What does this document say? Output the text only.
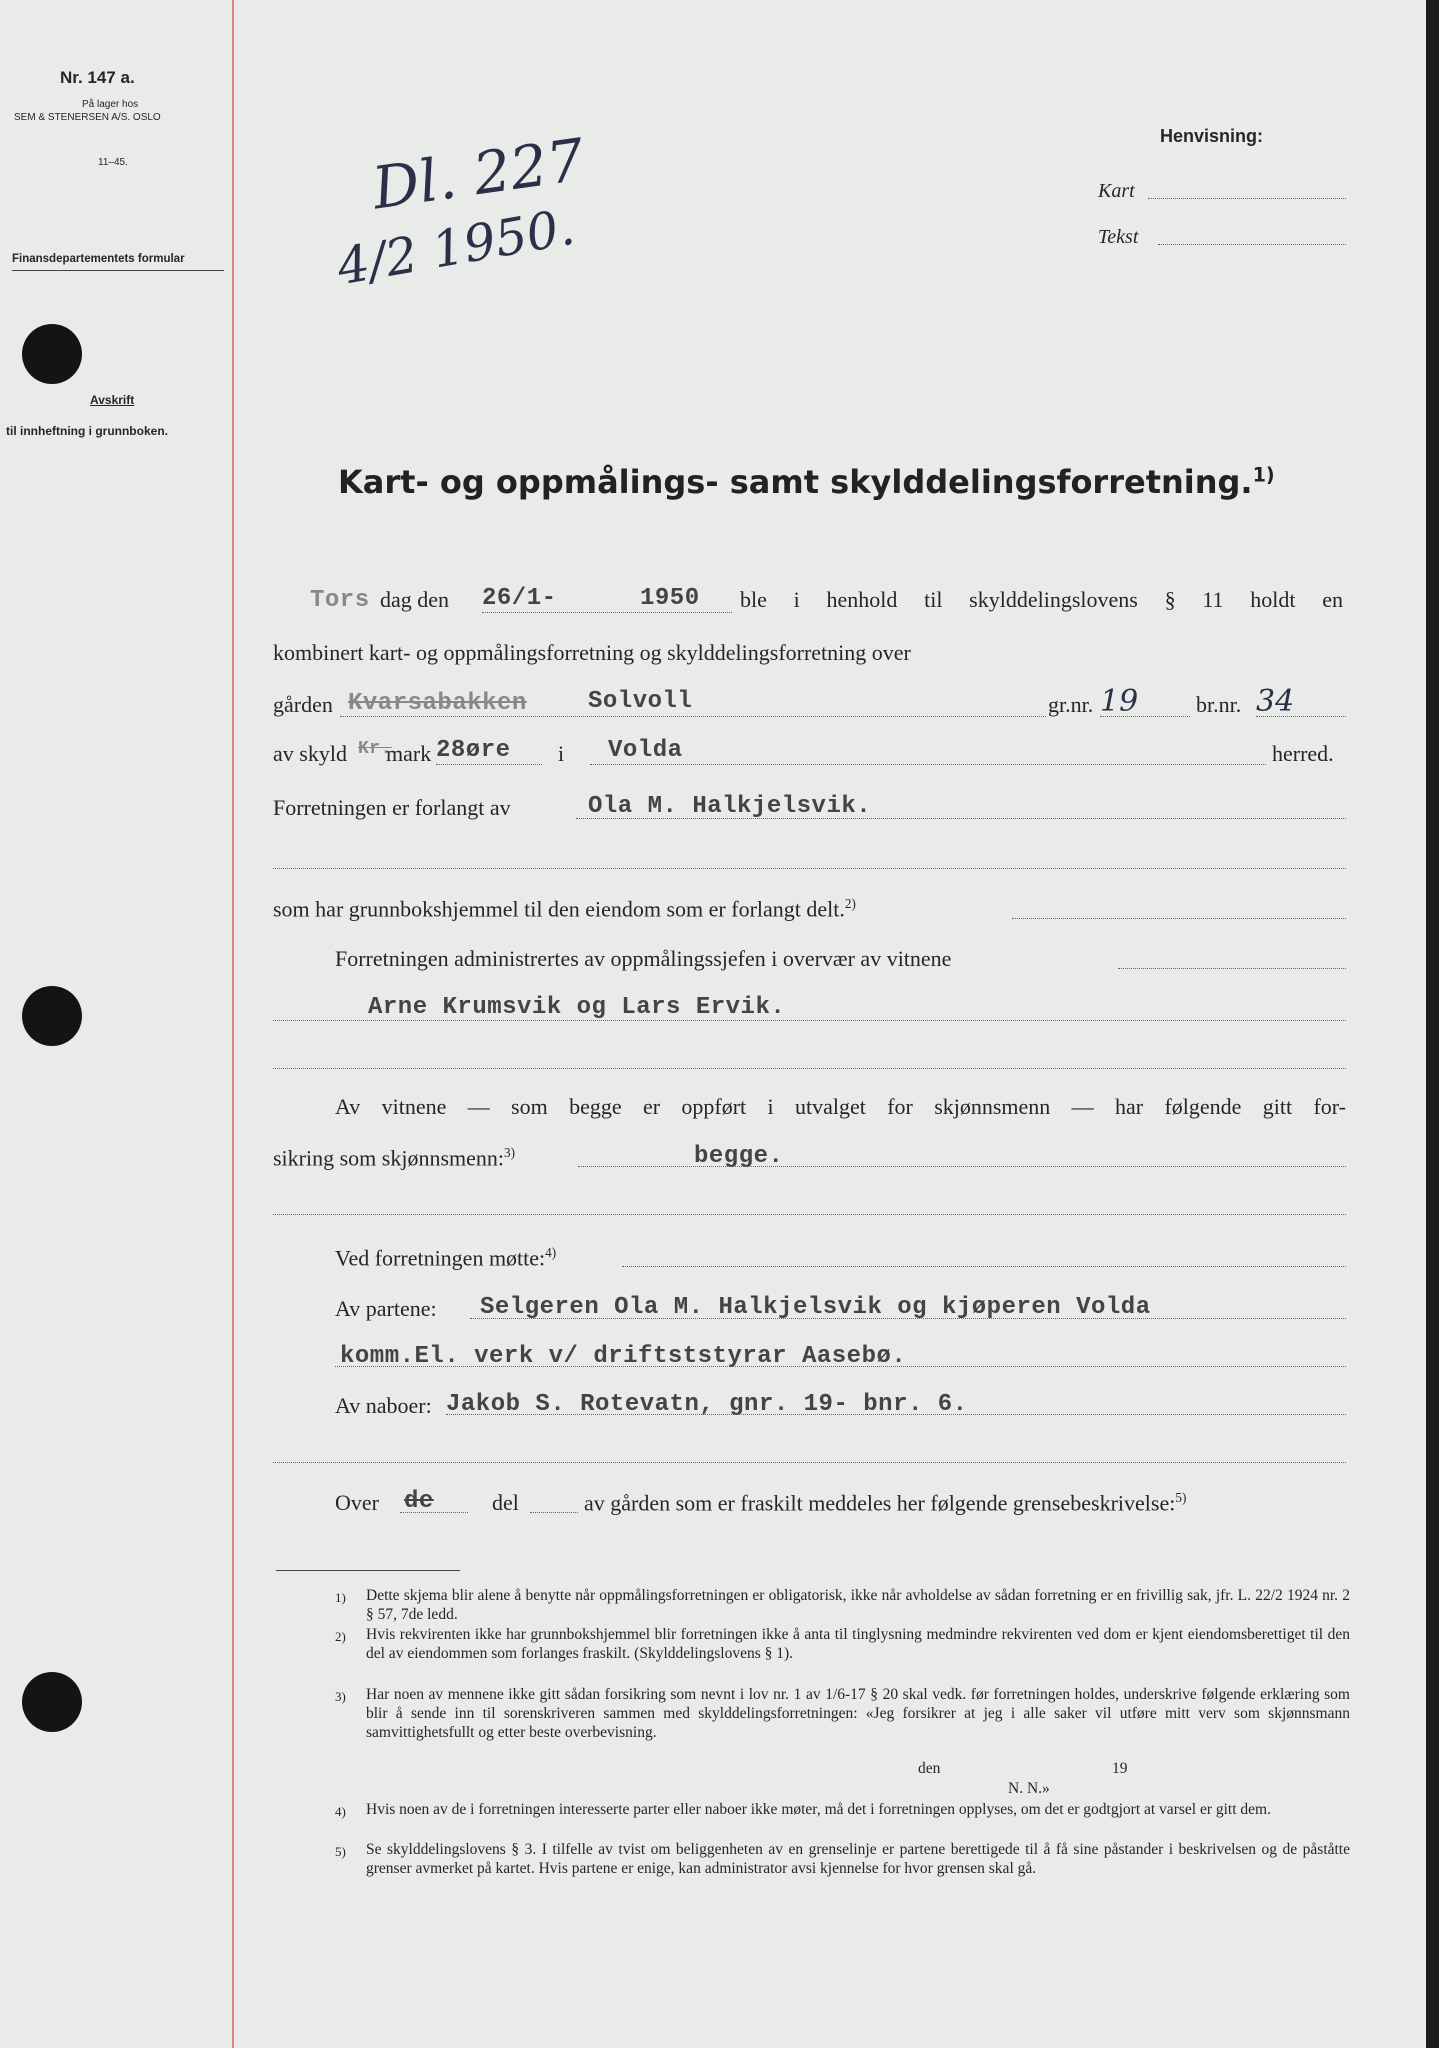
Nr. 147 a.
På lager hos
SEM & STENERSEN A/S. OSLO
11–45.
Finansdepartementets formular
Avskrift
til innheftning i grunnboken.
Dl. 227
4/2 1950.
Henvisning:
Kart
Tekst
Kart- og oppmålings- samt skylddelingsforretning.$^{1)}$
Tors dag den 26/1-	1950 ble i henhold til skylddelingslovens § 11 holdt en
kombinert kart- og oppmålingsforretning og skylddelingsforretning over
gården Kvarsabakken	Solvoll	gr.nr. 19	br.nr. 34
av skyld Kr.
mark 28øre i Volda	herred.
Forretningen er forlangt av	Ola M. Halkjelsvik.
som har grunnbokshjemmel til den eiendom som er forlangt delt.$^{2)}$
Forretningen administrertes av oppmålingssjefen i overvær av vitnene
Arne Krumsvik og Lars Ervik.
Av vitnene — som begge er oppført i utvalget for skjønnsmenn — har følgende gitt for-
sikring som skjønnsmenn:$^{3)}$	begge.
Ved forretningen møtte:$^{4)}$
Av partene: Selgeren Ola M. Halkjelsvik og kjøperen Volda
komm.El. verk v/ driftststyrar Aasebø.
Av naboer: Jakob S. Rotevatn, gnr. 19- bnr. 6.
Over de	del	av gården som er fraskilt meddeles her følgende grensebeskrivelse:$^{5)}$
1) Dette skjema blir alene å benytte når oppmålingsforretningen er obligatorisk, ikke når avholdelse av sådan forretning er en frivillig sak, jfr. L. 22/2 1924 nr. 2 § 57, 7de ledd.
2) Hvis rekvirenten ikke har grunnbokshjemmel blir forretningen ikke å anta til tinglysning medmindre rekvirenten ved dom er kjent eiendomsberettiget til den del av eiendommen som forlanges fraskilt. (Skylddelingslovens § 1).
3) Har noen av mennene ikke gitt sådan forsikring som nevnt i lov nr. 1 av 1/6-17 § 20 skal vedk. før forretningen holdes, underskrive følgende erklæring som blir å sende inn til sorenskriveren sammen med skylddelingsforretningen: «Jeg forsikrer at jeg i alle saker vil utføre mitt verv som skjønnsmann samvittighetsfullt og etter beste overbevisning.
den	19
N. N.»
4) Hvis noen av de i forretningen interesserte parter eller naboer ikke møter, må det i forretningen opplyses, om det er godtgjort at varsel er gitt dem.
5) Se skylddelingslovens § 3. I tilfelle av tvist om beliggenheten av en grenselinje er partene berettigede til å få sine påstander i beskrivelsen og de påståtte grenser avmerket på kartet. Hvis partene er enige, kan administrator avsi kjennelse for hvor grensen skal gå.
